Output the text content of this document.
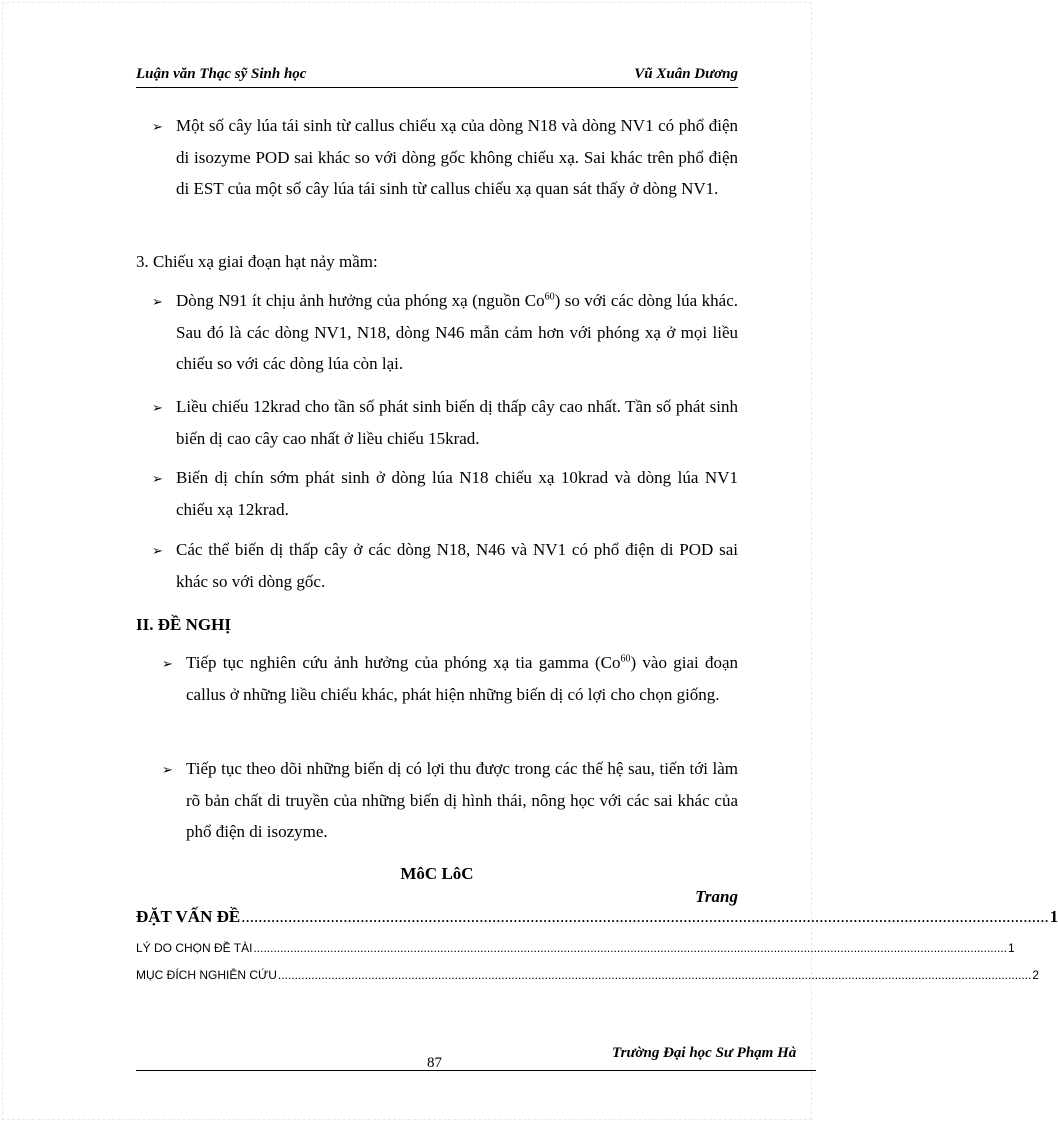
Luận văn Thạc sỹ Sinh học	Vũ Xuân Dương
➢ Một số cây lúa tái sinh từ callus chiếu xạ của dòng N18 và dòng NV1 có phổ điện di isozyme POD sai khác so với dòng gốc không chiếu xạ. Sai khác trên phổ điện di EST của một số cây lúa tái sinh từ callus chiếu xạ quan sát thấy ở dòng NV1.
3. Chiếu xạ giai đoạn hạt nảy mầm:
➢ Dòng N91 ít chịu ảnh hưởng của phóng xạ (nguồn Co$^{60}$) so với các dòng lúa khác. Sau đó là các dòng NV1, N18, dòng N46 mẫn cảm hơn với phóng xạ ở mọi liều chiếu so với các dòng lúa còn lại.
➢ Liều chiếu 12krad cho tần số phát sinh biến dị thấp cây cao nhất. Tần số phát sinh biến dị cao cây cao nhất ở liều chiếu 15krad.
➢ Biến dị chín sớm phát sinh ở dòng lúa N18 chiếu xạ 10krad và dòng lúa NV1 chiếu xạ 12krad.
➢ Các thể biến dị thấp cây ở các dòng N18, N46 và NV1 có phổ điện di POD sai khác so với dòng gốc.
II. ĐỀ NGHỊ
➢ Tiếp tục nghiên cứu ảnh hưởng của phóng xạ tia gamma (Co$^{60}$) vào giai đoạn callus ở những liều chiếu khác, phát hiện những biến dị có lợi cho chọn giống.
➢ Tiếp tục theo dõi những biến dị có lợi thu được trong các thế hệ sau, tiến tới làm rõ bản chất di truyền của những biến dị hình thái, nông học với các sai khác của phổ điện di isozyme.
MôC LôC
Trang
ĐẶT VẤN ĐỀ .............................................................................................................................................................................................. 1
LÝ DO CHỌN ĐỀ TÀI .................................................................................................................................................................................................................................. 1
MỤC ĐÍCH NGHIÊN CỨU .................................................................................................................................................................................................................................. 2
Trường Đại học Sư Phạm Hà
87
